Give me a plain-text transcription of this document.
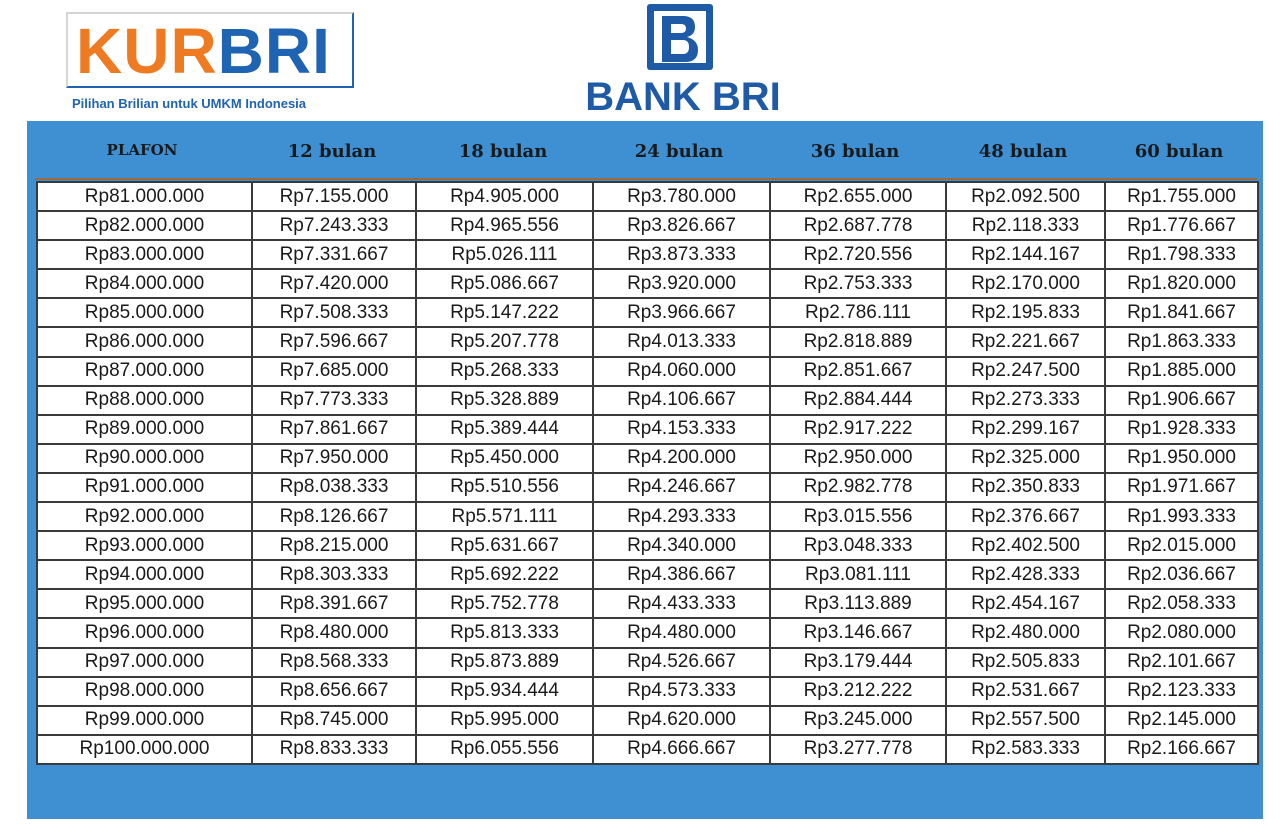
KURBRI
Pilihan Brilian untuk UMKM Indonesia	BANK BRI
PLAFON	12 bulan	18 bulan	24 bulan	36 bulan	48 bulan	60 bulan
Rp81.000.000	Rp7.155.000	Rp4.905.000	Rp3.780.000	Rp2.655.000	Rp2.092.500	Rp1.755.000
Rp82.000.000	Rp7.243.333	Rp4.965.556	Rp3.826.667	Rp2.687.778	Rp2.118.333	Rp1.776.667
Rp83.000.000	Rp7.331.667	Rp5.026.111	Rp3.873.333	Rp2.720.556	Rp2.144.167	Rp1.798.333
Rp84.000.000	Rp7.420.000	Rp5.086.667	Rp3.920.000	Rp2.753.333	Rp2.170.000	Rp1.820.000
Rp85.000.000	Rp7.508.333	Rp5.147.222	Rp3.966.667	Rp2.786.111	Rp2.195.833	Rp1.841.667
Rp86.000.000	Rp7.596.667	Rp5.207.778	Rp4.013.333	Rp2.818.889	Rp2.221.667	Rp1.863.333
Rp87.000.000	Rp7.685.000	Rp5.268.333	Rp4.060.000	Rp2.851.667	Rp2.247.500	Rp1.885.000
Rp88.000.000	Rp7.773.333	Rp5.328.889	Rp4.106.667	Rp2.884.444	Rp2.273.333	Rp1.906.667
Rp89.000.000	Rp7.861.667	Rp5.389.444	Rp4.153.333	Rp2.917.222	Rp2.299.167	Rp1.928.333
Rp90.000.000	Rp7.950.000	Rp5.450.000	Rp4.200.000	Rp2.950.000	Rp2.325.000	Rp1.950.000
Rp91.000.000	Rp8.038.333	Rp5.510.556	Rp4.246.667	Rp2.982.778	Rp2.350.833	Rp1.971.667
Rp92.000.000	Rp8.126.667	Rp5.571.111	Rp4.293.333	Rp3.015.556	Rp2.376.667	Rp1.993.333
Rp93.000.000	Rp8.215.000	Rp5.631.667	Rp4.340.000	Rp3.048.333	Rp2.402.500	Rp2.015.000
Rp94.000.000	Rp8.303.333	Rp5.692.222	Rp4.386.667	Rp3.081.111	Rp2.428.333	Rp2.036.667
Rp95.000.000	Rp8.391.667	Rp5.752.778	Rp4.433.333	Rp3.113.889	Rp2.454.167	Rp2.058.333
Rp96.000.000	Rp8.480.000	Rp5.813.333	Rp4.480.000	Rp3.146.667	Rp2.480.000	Rp2.080.000
Rp97.000.000	Rp8.568.333	Rp5.873.889	Rp4.526.667	Rp3.179.444	Rp2.505.833	Rp2.101.667
Rp98.000.000	Rp8.656.667	Rp5.934.444	Rp4.573.333	Rp3.212.222	Rp2.531.667	Rp2.123.333
Rp99.000.000	Rp8.745.000	Rp5.995.000	Rp4.620.000	Rp3.245.000	Rp2.557.500	Rp2.145.000
Rp100.000.000	Rp8.833.333	Rp6.055.556	Rp4.666.667	Rp3.277.778	Rp2.583.333	Rp2.166.667
